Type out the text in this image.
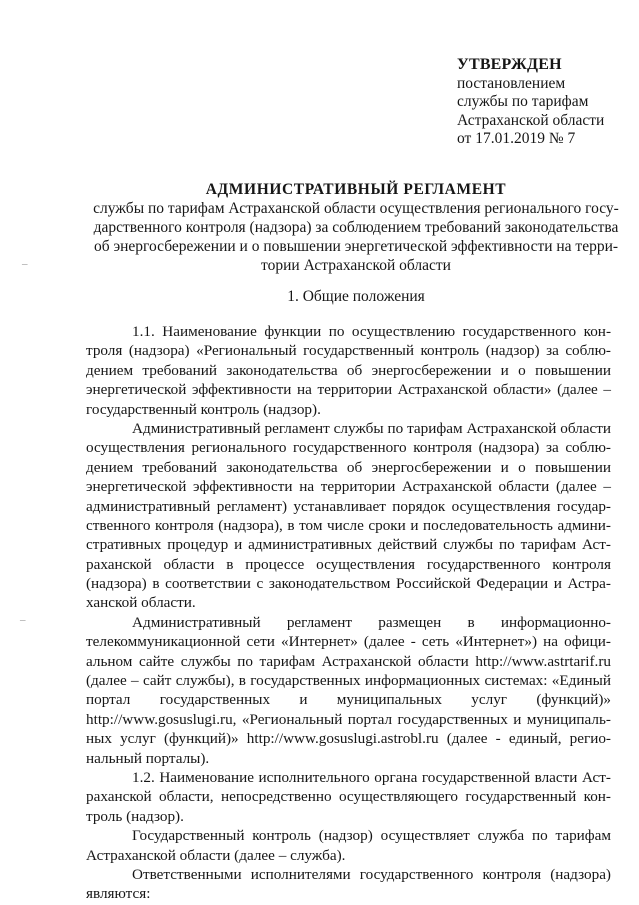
УТВЕРЖДЕН
постановлением
службы по тарифам
Астраханской области
от 17.01.2019 № 7
АДМИНИСТРАТИВНЫЙ РЕГЛАМЕНТ
службы по тарифам Астраханской области осуществления регионального госу-
дарственного контроля (надзора) за соблюдением требований законодательства
об энергосбережении и о повышении энергетической эффективности на терри-
тории Астраханской области
1. Общие положения
1.1. Наименование функции по осуществлению государственного кон-
троля (надзора) «Региональный государственный контроль (надзор) за соблю-
дением требований законодательства об энергосбережении и о повышении
энергетической эффективности на территории Астраханской области» (далее –
государственный контроль (надзор).
Административный регламент службы по тарифам Астраханской области
осуществления регионального государственного контроля (надзора) за соблю-
дением требований законодательства об энергосбережении и о повышении
энергетической эффективности на территории Астраханской области (далее –
административный регламент) устанавливает порядок осуществления государ-
ственного контроля (надзора), в том числе сроки и последовательность админи-
стративных процедур и административных действий службы по тарифам Аст-
раханской области в процессе осуществления государственного контроля
(надзора) в соответствии с законодательством Российской Федерации и Астра-
ханской области.
Административный регламент размещен в информационно-
телекоммуникационной сети «Интернет» (далее - сеть «Интернет») на офици-
альном сайте службы по тарифам Астраханской области http://www.astrtarif.ru
(далее – сайт службы), в государственных информационных системах: «Единый
портал государственных и муниципальных услуг (функций)»
http://www.gosuslugi.ru, «Региональный портал государственных и муниципаль-
ных услуг (функций)» http://www.gosuslugi.astrobl.ru (далее - единый, регио-
нальный порталы).
1.2. Наименование исполнительного органа государственной власти Аст-
раханской области, непосредственно осуществляющего государственный кон-
троль (надзор).
Государственный контроль (надзор) осуществляет служба по тарифам
Астраханской области (далее – служба).
Ответственными исполнителями государственного контроля (надзора)
являются:
–
–
